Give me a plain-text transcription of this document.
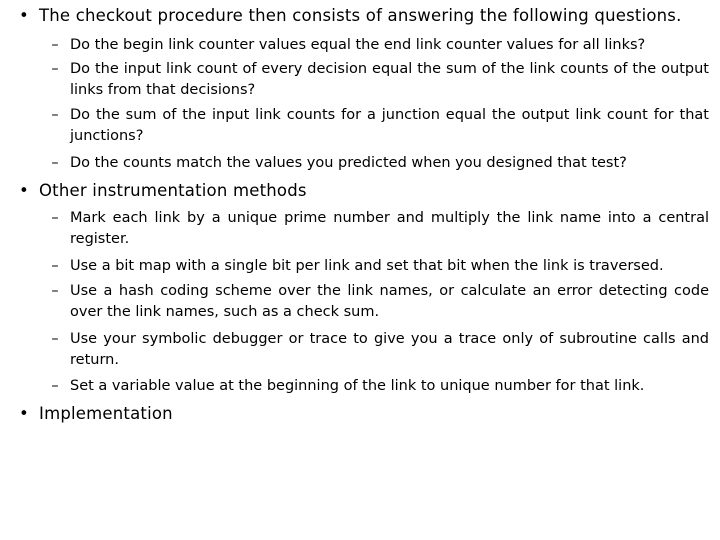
• The checkout procedure then consists of answering the following questions.
– Do the begin link counter values equal the end link counter values for all links?
– Do the input link count of every decision equal the sum of the link counts of the output links from that decisions?
– Do the sum of the input link counts for a junction equal the output link count for that junctions?
– Do the counts match the values you predicted when you designed that test?
• Other instrumentation methods
– Mark each link by a unique prime number and multiply the link name into a central register.
– Use a bit map with a single bit per link and set that bit when the link is traversed.
– Use a hash coding scheme over the link names, or calculate an error detecting code over the link names, such as a check sum.
– Use your symbolic debugger or trace to give you a trace only of subroutine calls and return.
– Set a variable value at the beginning of the link to unique number for that link.
• Implementation
